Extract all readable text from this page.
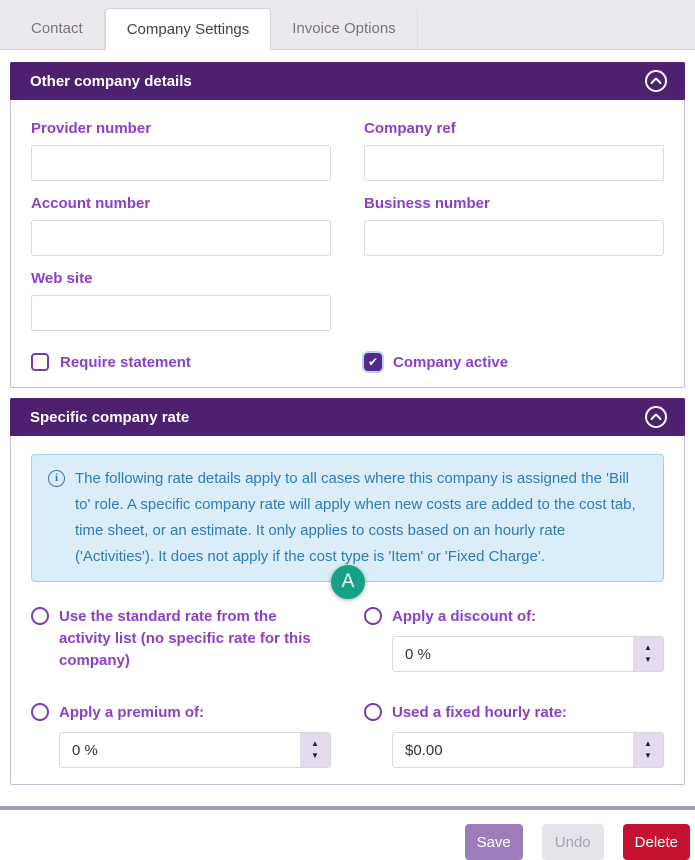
Contact	Company Settings	Invoice Options
Other company details
Provider number	Company ref
Account number	Business number
Web site
Require statement	✔ Company active
Specific company rate
i	The following rate details apply to all cases where this company is assigned the 'Bill to' role. A specific company rate will apply when new costs are added to the cost tab, time sheet, or an estimate. It only applies to costs based on an hourly rate ('Activities'). It does not apply if the cost type is 'Item' or 'Fixed Charge'.
A
Use the standard rate from the activity list (no specific rate for this company)
Apply a discount of:
0 %
▲
▼
Apply a premium of:
0 %
▲
▼
Used a fixed hourly rate:
$0.00
▲
▼
Save	Undo	Delete
